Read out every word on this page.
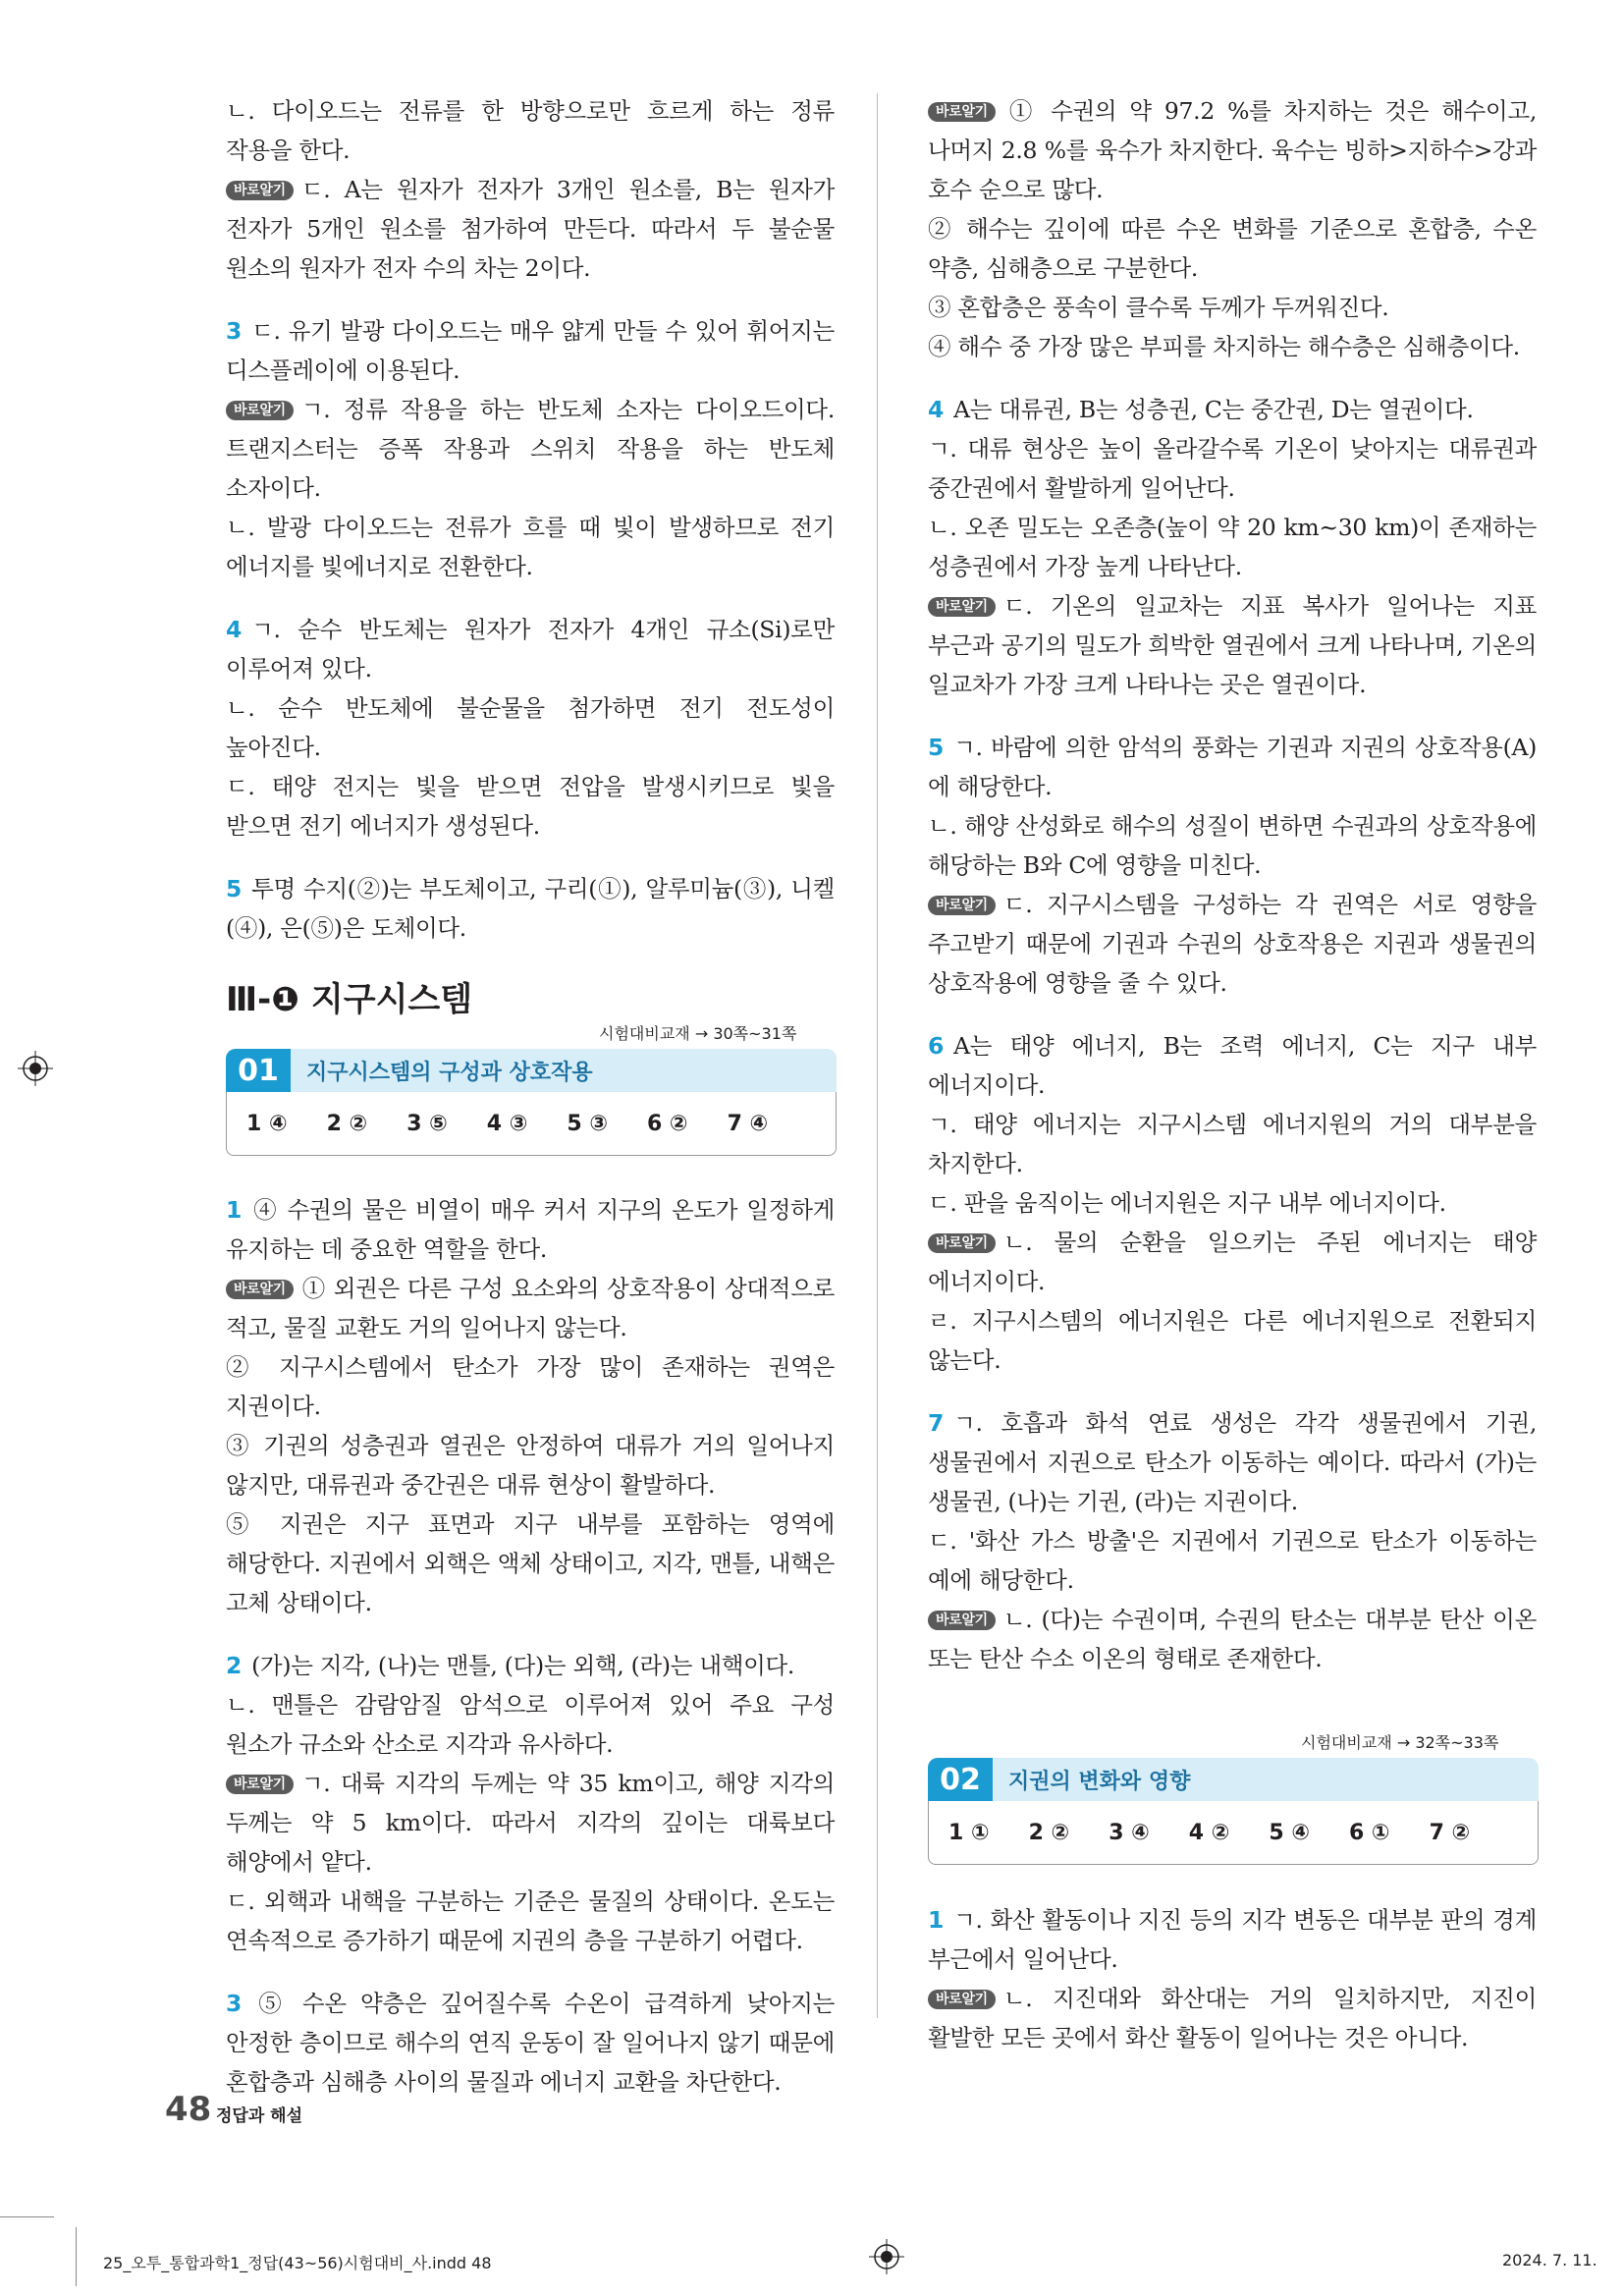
ㄴ. 다이오드는 전류를 한 방향으로만 흐르게 하는 정류 작용을 한다.

바로알기 ㄷ. A는 원자가 전자가 3개인 원소를, B는 원자가 전자가 5개인 원소를 첨가하여 만든다. 따라서 두 불순물 원소의 원자가 전자 수의 차는 2이다.

3 ㄷ. 유기 발광 다이오드는 매우 얇게 만들 수 있어 휘어지는 디스플레이에 이용된다.

바로알기 ㄱ. 정류 작용을 하는 반도체 소자는 다이오드이다. 트랜지스터는 증폭 작용과 스위치 작용을 하는 반도체 소자이다.

ㄴ. 발광 다이오드는 전류가 흐를 때 빛이 발생하므로 전기 에너지를 빛에너지로 전환한다.

4 ㄱ. 순수 반도체는 원자가 전자가 4개인 규소(Si)로만 이루어져 있다.

ㄴ. 순수 반도체에 불순물을 첨가하면 전기 전도성이 높아진다.

ㄷ. 태양 전지는 빛을 받으면 전압을 발생시키므로 빛을 받으면 전기 에너지가 생성된다.

5 투명 수지(②)는 부도체이고, 구리(①), 알루미늄(③), 니켈(④), 은(⑤)은 도체이다.

Ⅲ-❶ 지구시스템
시험대비교재 → 30쪽~31쪽
01	지구시스템의 구성과 상호작용
1 ④ 2 ② 3 ⑤ 4 ③ 5 ③ 6 ② 7 ④

1 ④ 수권의 물은 비열이 매우 커서 지구의 온도가 일정하게 유지하는 데 중요한 역할을 한다.

바로알기 ① 외권은 다른 구성 요소와의 상호작용이 상대적으로 적고, 물질 교환도 거의 일어나지 않는다.

② 지구시스템에서 탄소가 가장 많이 존재하는 권역은 지권이다.

③ 기권의 성층권과 열권은 안정하여 대류가 거의 일어나지 않지만, 대류권과 중간권은 대류 현상이 활발하다.

⑤ 지권은 지구 표면과 지구 내부를 포함하는 영역에 해당한다. 지권에서 외핵은 액체 상태이고, 지각, 맨틀, 내핵은 고체 상태이다.

2 (가)는 지각, (나)는 맨틀, (다)는 외핵, (라)는 내핵이다.

ㄴ. 맨틀은 감람암질 암석으로 이루어져 있어 주요 구성 원소가 규소와 산소로 지각과 유사하다.

바로알기 ㄱ. 대륙 지각의 두께는 약 35 km이고, 해양 지각의 두께는 약 5 km이다. 따라서 지각의 깊이는 대륙보다 해양에서 얕다.

ㄷ. 외핵과 내핵을 구분하는 기준은 물질의 상태이다. 온도는 연속적으로 증가하기 때문에 지권의 층을 구분하기 어렵다.

3 ⑤ 수온 약층은 깊어질수록 수온이 급격하게 낮아지는 안정한 층이므로 해수의 연직 운동이 잘 일어나지 않기 때문에 혼합층과 심해층 사이의 물질과 에너지 교환을 차단한다.

바로알기 ① 수권의 약 97.2 %를 차지하는 것은 해수이고, 나머지 2.8 %를 육수가 차지한다. 육수는 빙하>지하수>강과 호수 순으로 많다.

② 해수는 깊이에 따른 수온 변화를 기준으로 혼합층, 수온 약층, 심해층으로 구분한다.

③ 혼합층은 풍속이 클수록 두께가 두꺼워진다.

④ 해수 중 가장 많은 부피를 차지하는 해수층은 심해층이다.

4 A는 대류권, B는 성층권, C는 중간권, D는 열권이다.

ㄱ. 대류 현상은 높이 올라갈수록 기온이 낮아지는 대류권과 중간권에서 활발하게 일어난다.

ㄴ. 오존 밀도는 오존층(높이 약 20 km~30 km)이 존재하는 성층권에서 가장 높게 나타난다.

바로알기 ㄷ. 기온의 일교차는 지표 복사가 일어나는 지표 부근과 공기의 밀도가 희박한 열권에서 크게 나타나며, 기온의 일교차가 가장 크게 나타나는 곳은 열권이다.

5 ㄱ. 바람에 의한 암석의 풍화는 기권과 지권의 상호작용(A)에 해당한다.

ㄴ. 해양 산성화로 해수의 성질이 변하면 수권과의 상호작용에 해당하는 B와 C에 영향을 미친다.

바로알기 ㄷ. 지구시스템을 구성하는 각 권역은 서로 영향을 주고받기 때문에 기권과 수권의 상호작용은 지권과 생물권의 상호작용에 영향을 줄 수 있다.

6 A는 태양 에너지, B는 조력 에너지, C는 지구 내부 에너지이다.

ㄱ. 태양 에너지는 지구시스템 에너지원의 거의 대부분을 차지한다.

ㄷ. 판을 움직이는 에너지원은 지구 내부 에너지이다.

바로알기 ㄴ. 물의 순환을 일으키는 주된 에너지는 태양 에너지이다.

ㄹ. 지구시스템의 에너지원은 다른 에너지원으로 전환되지 않는다.

7 ㄱ. 호흡과 화석 연료 생성은 각각 생물권에서 기권, 생물권에서 지권으로 탄소가 이동하는 예이다. 따라서 (가)는 생물권, (나)는 기권, (라)는 지권이다.

ㄷ. '화산 가스 방출'은 지권에서 기권으로 탄소가 이동하는 예에 해당한다.

바로알기 ㄴ. (다)는 수권이며, 수권의 탄소는 대부분 탄산 이온 또는 탄산 수소 이온의 형태로 존재한다.

시험대비교재 → 32쪽~33쪽
02	지권의 변화와 영향
1 ① 2 ② 3 ④ 4 ② 5 ④ 6 ① 7 ②

1 ㄱ. 화산 활동이나 지진 등의 지각 변동은 대부분 판의 경계 부근에서 일어난다.

바로알기 ㄴ. 지진대와 화산대는 거의 일치하지만, 지진이 활발한 모든 곳에서 화산 활동이 일어나는 것은 아니다.

48 정답과 해설
25_오투_통합과학1_정답(43~56)시험대비_사.indd 48	2024. 7. 11.
